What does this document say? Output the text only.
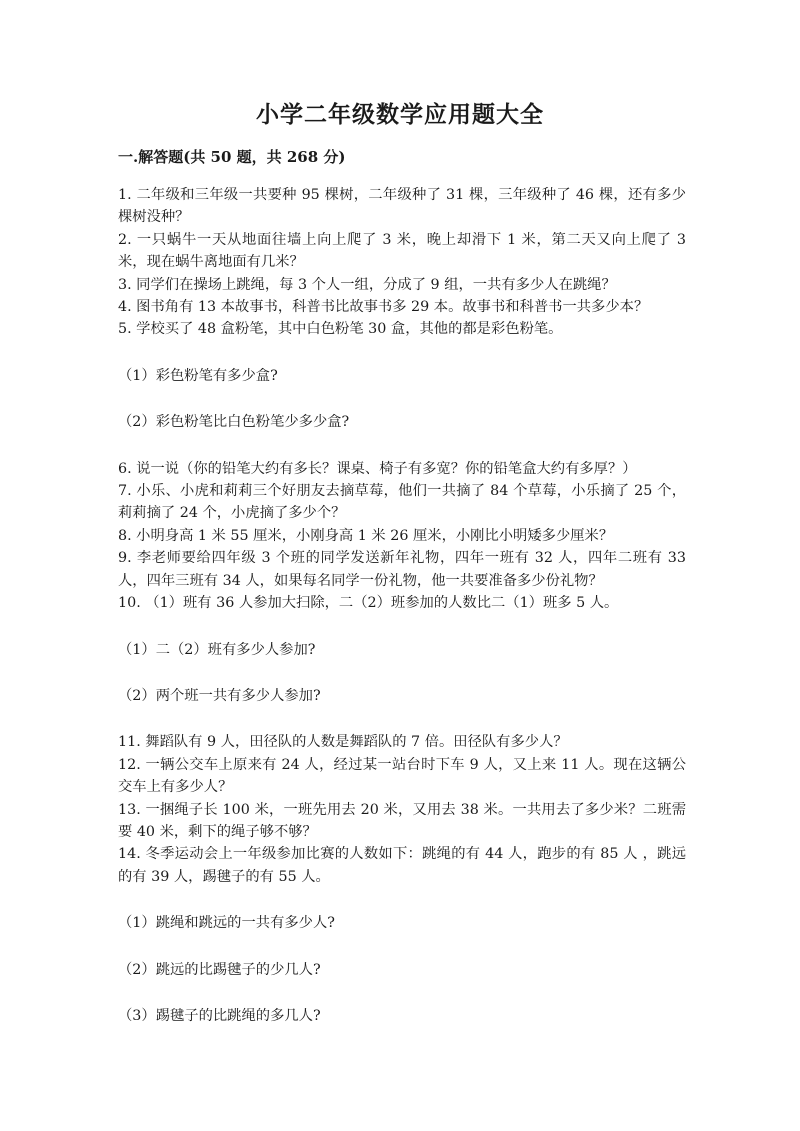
小学二年级数学应用题大全
一.解答题(共 50 题，共 268 分)

1. 二年级和三年级一共要种 95 棵树，二年级种了 31 棵，三年级种了 46 棵，还有多少棵树没种？

2. 一只蜗牛一天从地面往墙上向上爬了 3 米，晚上却滑下 1 米，第二天又向上爬了 3 米，现在蜗牛离地面有几米？

3. 同学们在操场上跳绳，每 3 个人一组，分成了 9 组，一共有多少人在跳绳？

4. 图书角有 13 本故事书，科普书比故事书多 29 本。故事书和科普书一共多少本？

5. 学校买了 48 盒粉笔，其中白色粉笔 30 盒，其他的都是彩色粉笔。

（1）彩色粉笔有多少盒?

（2）彩色粉笔比白色粉笔少多少盒?

6. 说一说（你的铅笔大约有多长？课桌、椅子有多宽？你的铅笔盒大约有多厚？）

7. 小乐、小虎和莉莉三个好朋友去摘草莓，他们一共摘了 84 个草莓，小乐摘了 25 个，莉莉摘了 24 个，小虎摘了多少个？

8. 小明身高 1 米 55 厘米，小刚身高 1 米 26 厘米，小刚比小明矮多少厘米？

9. 李老师要给四年级 3 个班的同学发送新年礼物，四年一班有 32 人，四年二班有 33 人，四年三班有 34 人，如果每名同学一份礼物，他一共要准备多少份礼物？

10. （1）班有 36 人参加大扫除，二（2）班参加的人数比二（1）班多 5 人。

（1）二（2）班有多少人参加?

（2）两个班一共有多少人参加?

11. 舞蹈队有 9 人，田径队的人数是舞蹈队的 7 倍。田径队有多少人？

12. 一辆公交车上原来有 24 人，经过某一站台时下车 9 人，又上来 11 人。现在这辆公交车上有多少人？

13. 一捆绳子长 100 米，一班先用去 20 米，又用去 38 米。一共用去了多少米？二班需要 40 米，剩下的绳子够不够？

14. 冬季运动会上一年级参加比赛的人数如下：跳绳的有 44 人，跑步的有 85 人 ，跳远的有 39 人，踢毽子的有 55 人。

（1）跳绳和跳远的一共有多少人?

（2）跳远的比踢毽子的少几人?

（3）踢毽子的比跳绳的多几人?
